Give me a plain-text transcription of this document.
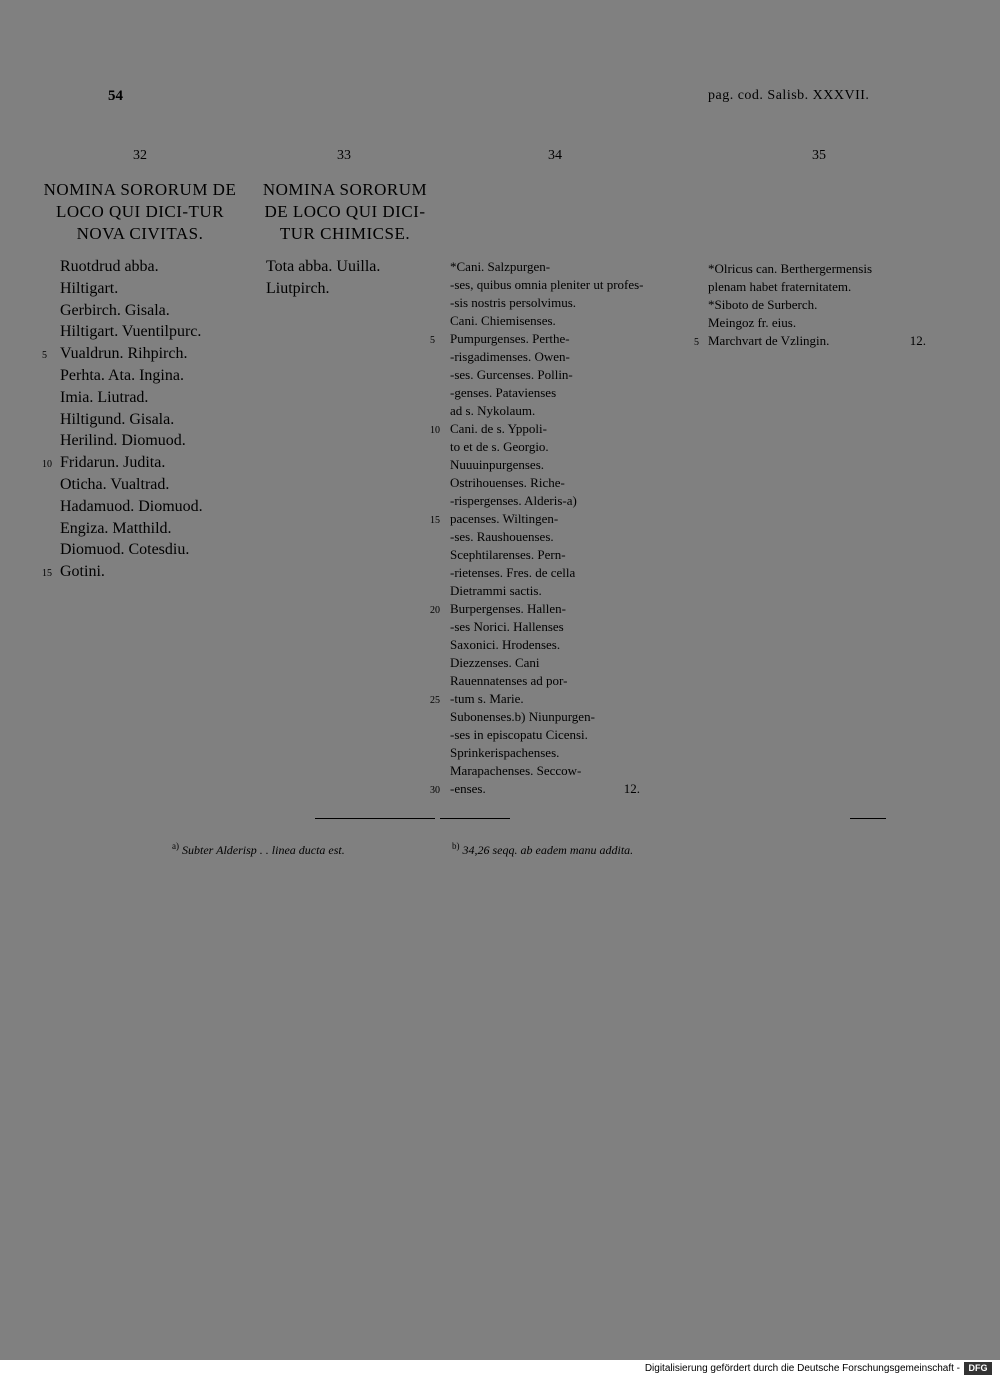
54	pag. cod. Salisb. XXXVII.
32	33	34	35
NOMINA SORORUM DE LOCO QUI DICI-TUR NOVA CIVITAS.
NOMINA SORORUM DE LOCO QUI DICI-TUR CHIMICSE.
Ruotdrud abba.
Hiltigart.
Gerbirch. Gisala.
Hiltigart. Vuentilpurc.
5 Vualdrun. Rihpirch.
Perhta. Ata. Ingina.
Imia. Liutrad.
Hiltigund. Gisala.
Herilind. Diomuod.
10 Fridarun. Judita.
Oticha. Vualtrad.
Hadamuod. Diomuod.
Engiza. Matthild.
Diomuod. Cotesdiu.
15 Gotini.
Tota abba. Uuilla.
Liutpirch.
*Cani. Salzpurgen-
-ses, quibus omnia pleniter ut profes-
-sis nostris persolvimus.
Cani. Chiemisenses.
5 Pumpurgenses. Perthe-
-risgadimenses. Owen-
-ses. Gurcenses. Pollin-
-genses. Patavienses
ad s. Nykolaum.
10 Cani. de s. Yppoli-
to et de s. Georgio.
Nuuuinpurgenses.
Ostrihouenses. Riche-
-rispergenses. Alderis-a)
15 pacenses. Wiltingen-
-ses. Raushouenses.
Scephtilarenses. Pern-
-rietenses. Fres. de cella
Dietrammi sactis.
20 Burpergenses. Hallen-
-ses Norici. Hallenses
Saxonici. Hrodenses.
Diezzenses. Cani
Rauennatenses ad por-
25 -tum s. Marie.
Subonenses.b) Niunpurgen-
-ses in episcopatu Cicensi.
Sprinkerispachenses.
Marapachenses. Seccow-
30 -enses.	12.
*Olricus can. Berthergermensis
plenam habet fraternitatem.
*Siboto de Surberch.
Meingoz fr. eius.
5 Marchvart de Vzlingin.	12.
$^{a)}$ Subter Alderisp . . linea ducta est.	$^{b)}$ 34,26 seqq. ab eadem manu addita.
Digitalisierung gefördert durch die Deutsche Forschungsgemeinschaft - DFG
